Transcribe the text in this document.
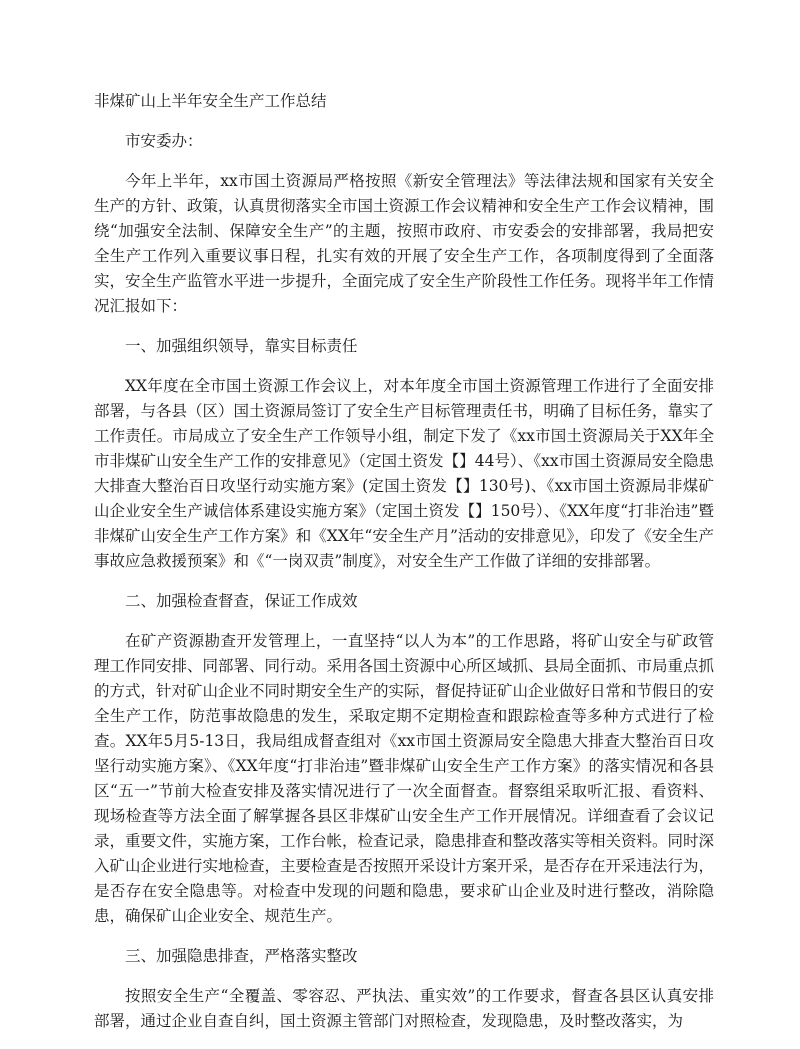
非煤矿山上半年安全生产工作总结
市安委办：
今年上半年，xx市国土资源局严格按照《新安全管理法》等法律法规和国家有关安全生产的方针、政策，认真贯彻落实全市国土资源工作会议精神和安全生产工作会议精神，围绕“加强安全法制、保障安全生产”的主题，按照市政府、市安委会的安排部署，我局把安全生产工作列入重要议事日程，扎实有效的开展了安全生产工作，各项制度得到了全面落实，安全生产监管水平进一步提升，全面完成了安全生产阶段性工作任务。现将半年工作情况汇报如下：
一、加强组织领导，靠实目标责任
XX年度在全市国土资源工作会议上，对本年度全市国土资源管理工作进行了全面安排部署，与各县（区）国土资源局签订了安全生产目标管理责任书，明确了目标任务，靠实了工作责任。市局成立了安全生产工作领导小组，制定下发了《xx市国土资源局关于XX年全市非煤矿山安全生产工作的安排意见》（定国土资发【】44号）、《xx市国土资源局安全隐患大排查大整治百日攻坚行动实施方案》(定国土资发【】130号)、《xx市国土资源局非煤矿山企业安全生产诚信体系建设实施方案》（定国土资发【】150号）、《XX年度“打非治违”暨非煤矿山安全生产工作方案》和《XX年“安全生产月”活动的安排意见》，印发了《安全生产事故应急救援预案》和《“一岗双责”制度》，对安全生产工作做了详细的安排部署。
二、加强检查督查，保证工作成效
在矿产资源勘查开发管理上，一直坚持“以人为本”的工作思路，将矿山安全与矿政管理工作同安排、同部署、同行动。采用各国土资源中心所区域抓、县局全面抓、市局重点抓的方式，针对矿山企业不同时期安全生产的实际，督促持证矿山企业做好日常和节假日的安全生产工作，防范事故隐患的发生，采取定期不定期检查和跟踪检查等多种方式进行了检查。XX年5月5-13日，我局组成督查组对《xx市国土资源局安全隐患大排查大整治百日攻坚行动实施方案》、《XX年度“打非治违”暨非煤矿山安全生产工作方案》的落实情况和各县区“五一”节前大检查安排及落实情况进行了一次全面督查。督察组采取听汇报、看资料、现场检查等方法全面了解掌握各县区非煤矿山安全生产工作开展情况。详细查看了会议记录，重要文件，实施方案，工作台帐，检查记录，隐患排查和整改落实等相关资料。同时深入矿山企业进行实地检查，主要检查是否按照开采设计方案开采，是否存在开采违法行为，是否存在安全隐患等。对检查中发现的问题和隐患，要求矿山企业及时进行整改，消除隐患，确保矿山企业安全、规范生产。
三、加强隐患排查，严格落实整改
按照安全生产“全覆盖、零容忍、严执法、重实效”的工作要求，督查各县区认真安排部署，通过企业自查自纠，国土资源主管部门对照检查，发现隐患，及时整改落实，为
